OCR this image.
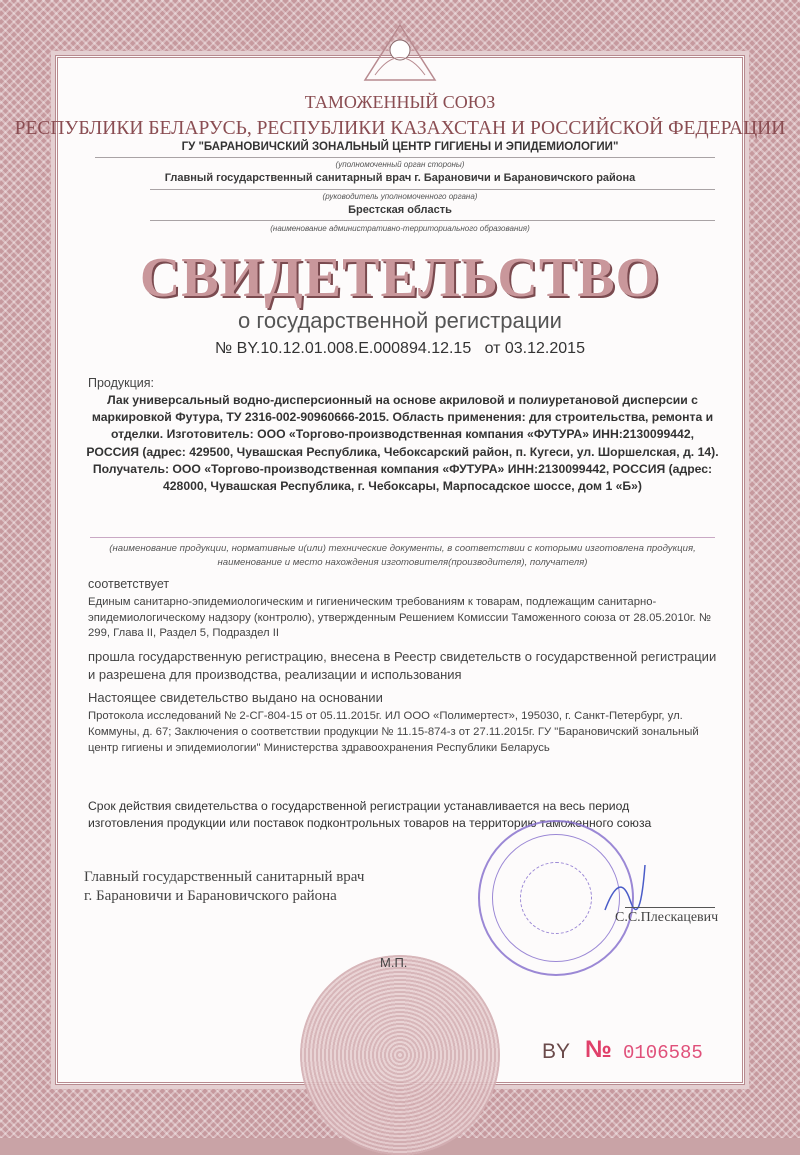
ТАМОЖЕННЫЙ СОЮЗ
РЕСПУБЛИКИ БЕЛАРУСЬ, РЕСПУБЛИКИ КАЗАХСТАН И РОССИЙСКОЙ ФЕДЕРАЦИИ
ГУ "БАРАНОВИЧСКИЙ ЗОНАЛЬНЫЙ ЦЕНТР ГИГИЕНЫ И ЭПИДЕМИОЛОГИИ"
(уполномоченный орган стороны)
Главный государственный санитарный врач г. Барановичи и Барановичского района
(руководитель уполномоченного органа)
Брестская область
(наименование административно-территориального образования)
СВИДЕТЕЛЬСТВО
о государственной регистрации
№ BY.10.12.01.008.E.000894.12.15   от 03.12.2015
Продукция:
Лак универсальный водно-дисперсионный на основе акриловой и полиуретановой дисперсии с маркировкой Футура, ТУ 2316-002-90960666-2015. Область применения: для строительства, ремонта и отделки. Изготовитель: ООО «Торгово-производственная компания «ФУТУРА» ИНН:2130099442, РОССИЯ (адрес: 429500, Чувашская Республика, Чебоксарский район, п. Кугеси, ул. Шоршелская, д. 14). Получатель: ООО «Торгово-производственная компания «ФУТУРА» ИНН:2130099442, РОССИЯ (адрес: 428000, Чувашская Республика, г. Чебоксары, Марпосадское шоссе, дом 1 «Б»)
(наименование продукции, нормативные и(или) технические документы, в соответствии с которыми изготовлена продукция, наименование и место нахождения изготовителя(производителя), получателя)
соответствует
Единым санитарно-эпидемиологическим и гигиеническим требованиям к товарам, подлежащим санитарно-эпидемиологическому надзору (контролю), утвержденным Решением Комиссии Таможенного союза от 28.05.2010г. № 299, Глава II, Раздел 5, Подраздел II
прошла государственную регистрацию, внесена в Реестр свидетельств о государственной регистрации и разрешена для производства, реализации и использования
Настоящее свидетельство выдано на основании
Протокола исследований № 2-СГ-804-15 от 05.11.2015г. ИЛ ООО «Полимертест», 195030, г. Санкт-Петербург, ул. Коммуны, д. 67; Заключения о соответствии продукции № 11.15-874-з от 27.11.2015г. ГУ "Барановичский зональный центр гигиены и эпидемиологии" Министерства здравоохранения Республики Беларусь
Срок действия свидетельства о государственной регистрации устанавливается на весь период изготовления продукции или поставок подконтрольных товаров на территорию таможенного союза
Главный государственный санитарный врач г. Барановичи и Барановичского района
С.С.Плескацевич
М.П.
BY № 0106585
